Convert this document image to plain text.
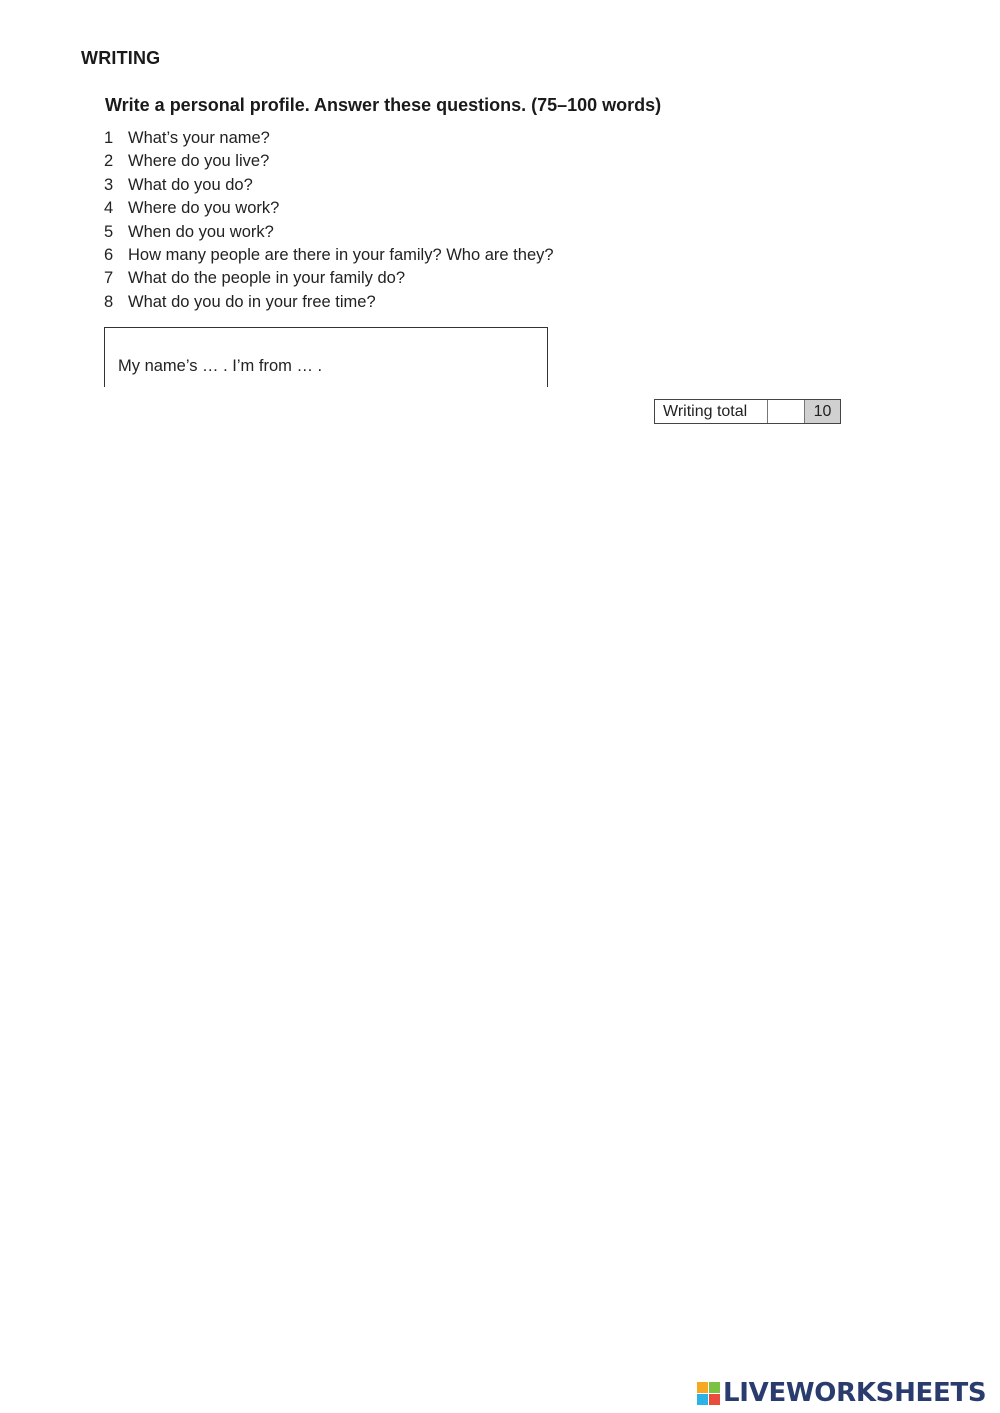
WRITING
Write a personal profile. Answer these questions. (75–100 words)
1 What’s your name?
2 Where do you live?
3 What do you do?
4 Where do you work?
5 When do you work?
6 How many people are there in your family? Who are they?
7 What do the people in your family do?
8 What do you do in your free time?
My name’s … . I’m from … .
Writing total	10
LIVEWORKSHEETS
